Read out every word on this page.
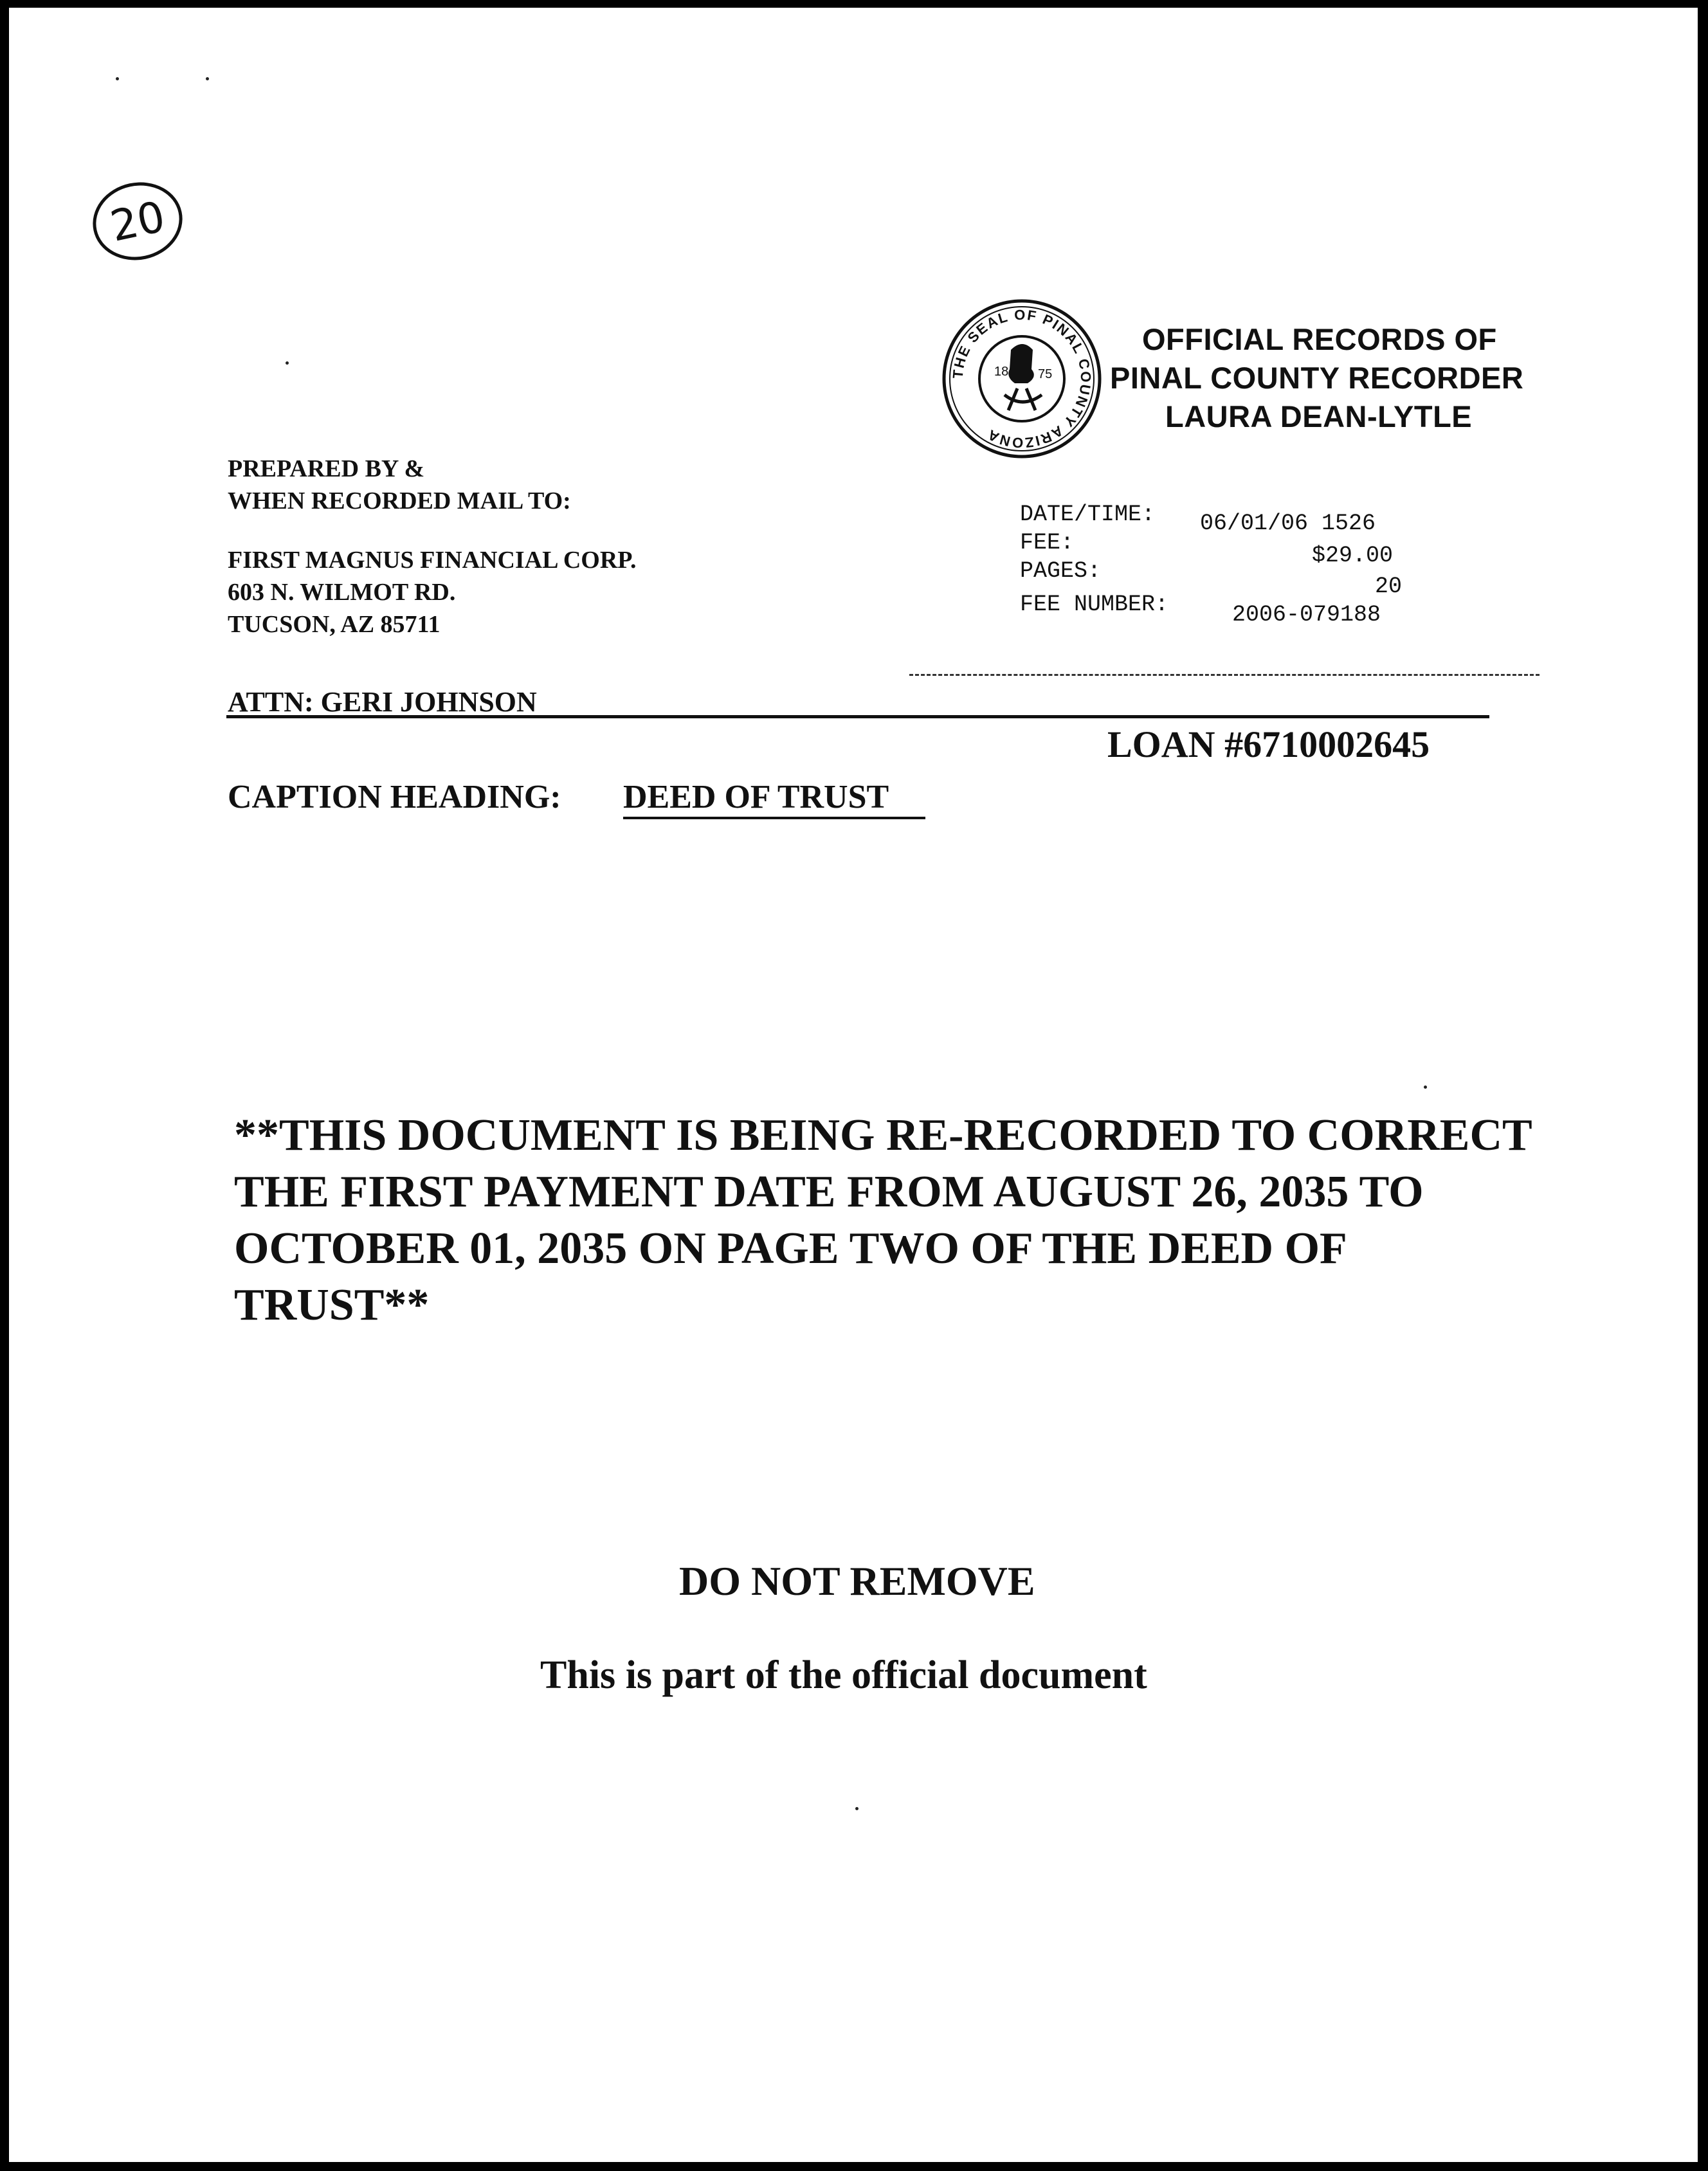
20
THE SEAL OF PINAL COUNTY ARIZONA
18 75
OFFICIAL RECORDS OF
PINAL COUNTY RECORDER
LAURA DEAN-LYTLE
PREPARED BY &
WHEN RECORDED MAIL TO:
FIRST MAGNUS FINANCIAL CORP.
603 N. WILMOT RD.
TUCSON, AZ 85711
DATE/TIME: 06/01/06 1526
FEE:	$29.00
PAGES:
20
FEE NUMBER:	2006-079188
ATTN: GERI JOHNSON
LOAN #6710002645
CAPTION HEADING: DEED OF TRUST
**THIS DOCUMENT IS BEING RE-RECORDED TO CORRECT
THE FIRST PAYMENT DATE FROM AUGUST 26, 2035 TO
OCTOBER 01, 2035 ON PAGE TWO OF THE DEED OF
TRUST**
DO NOT REMOVE
This is part of the official document
